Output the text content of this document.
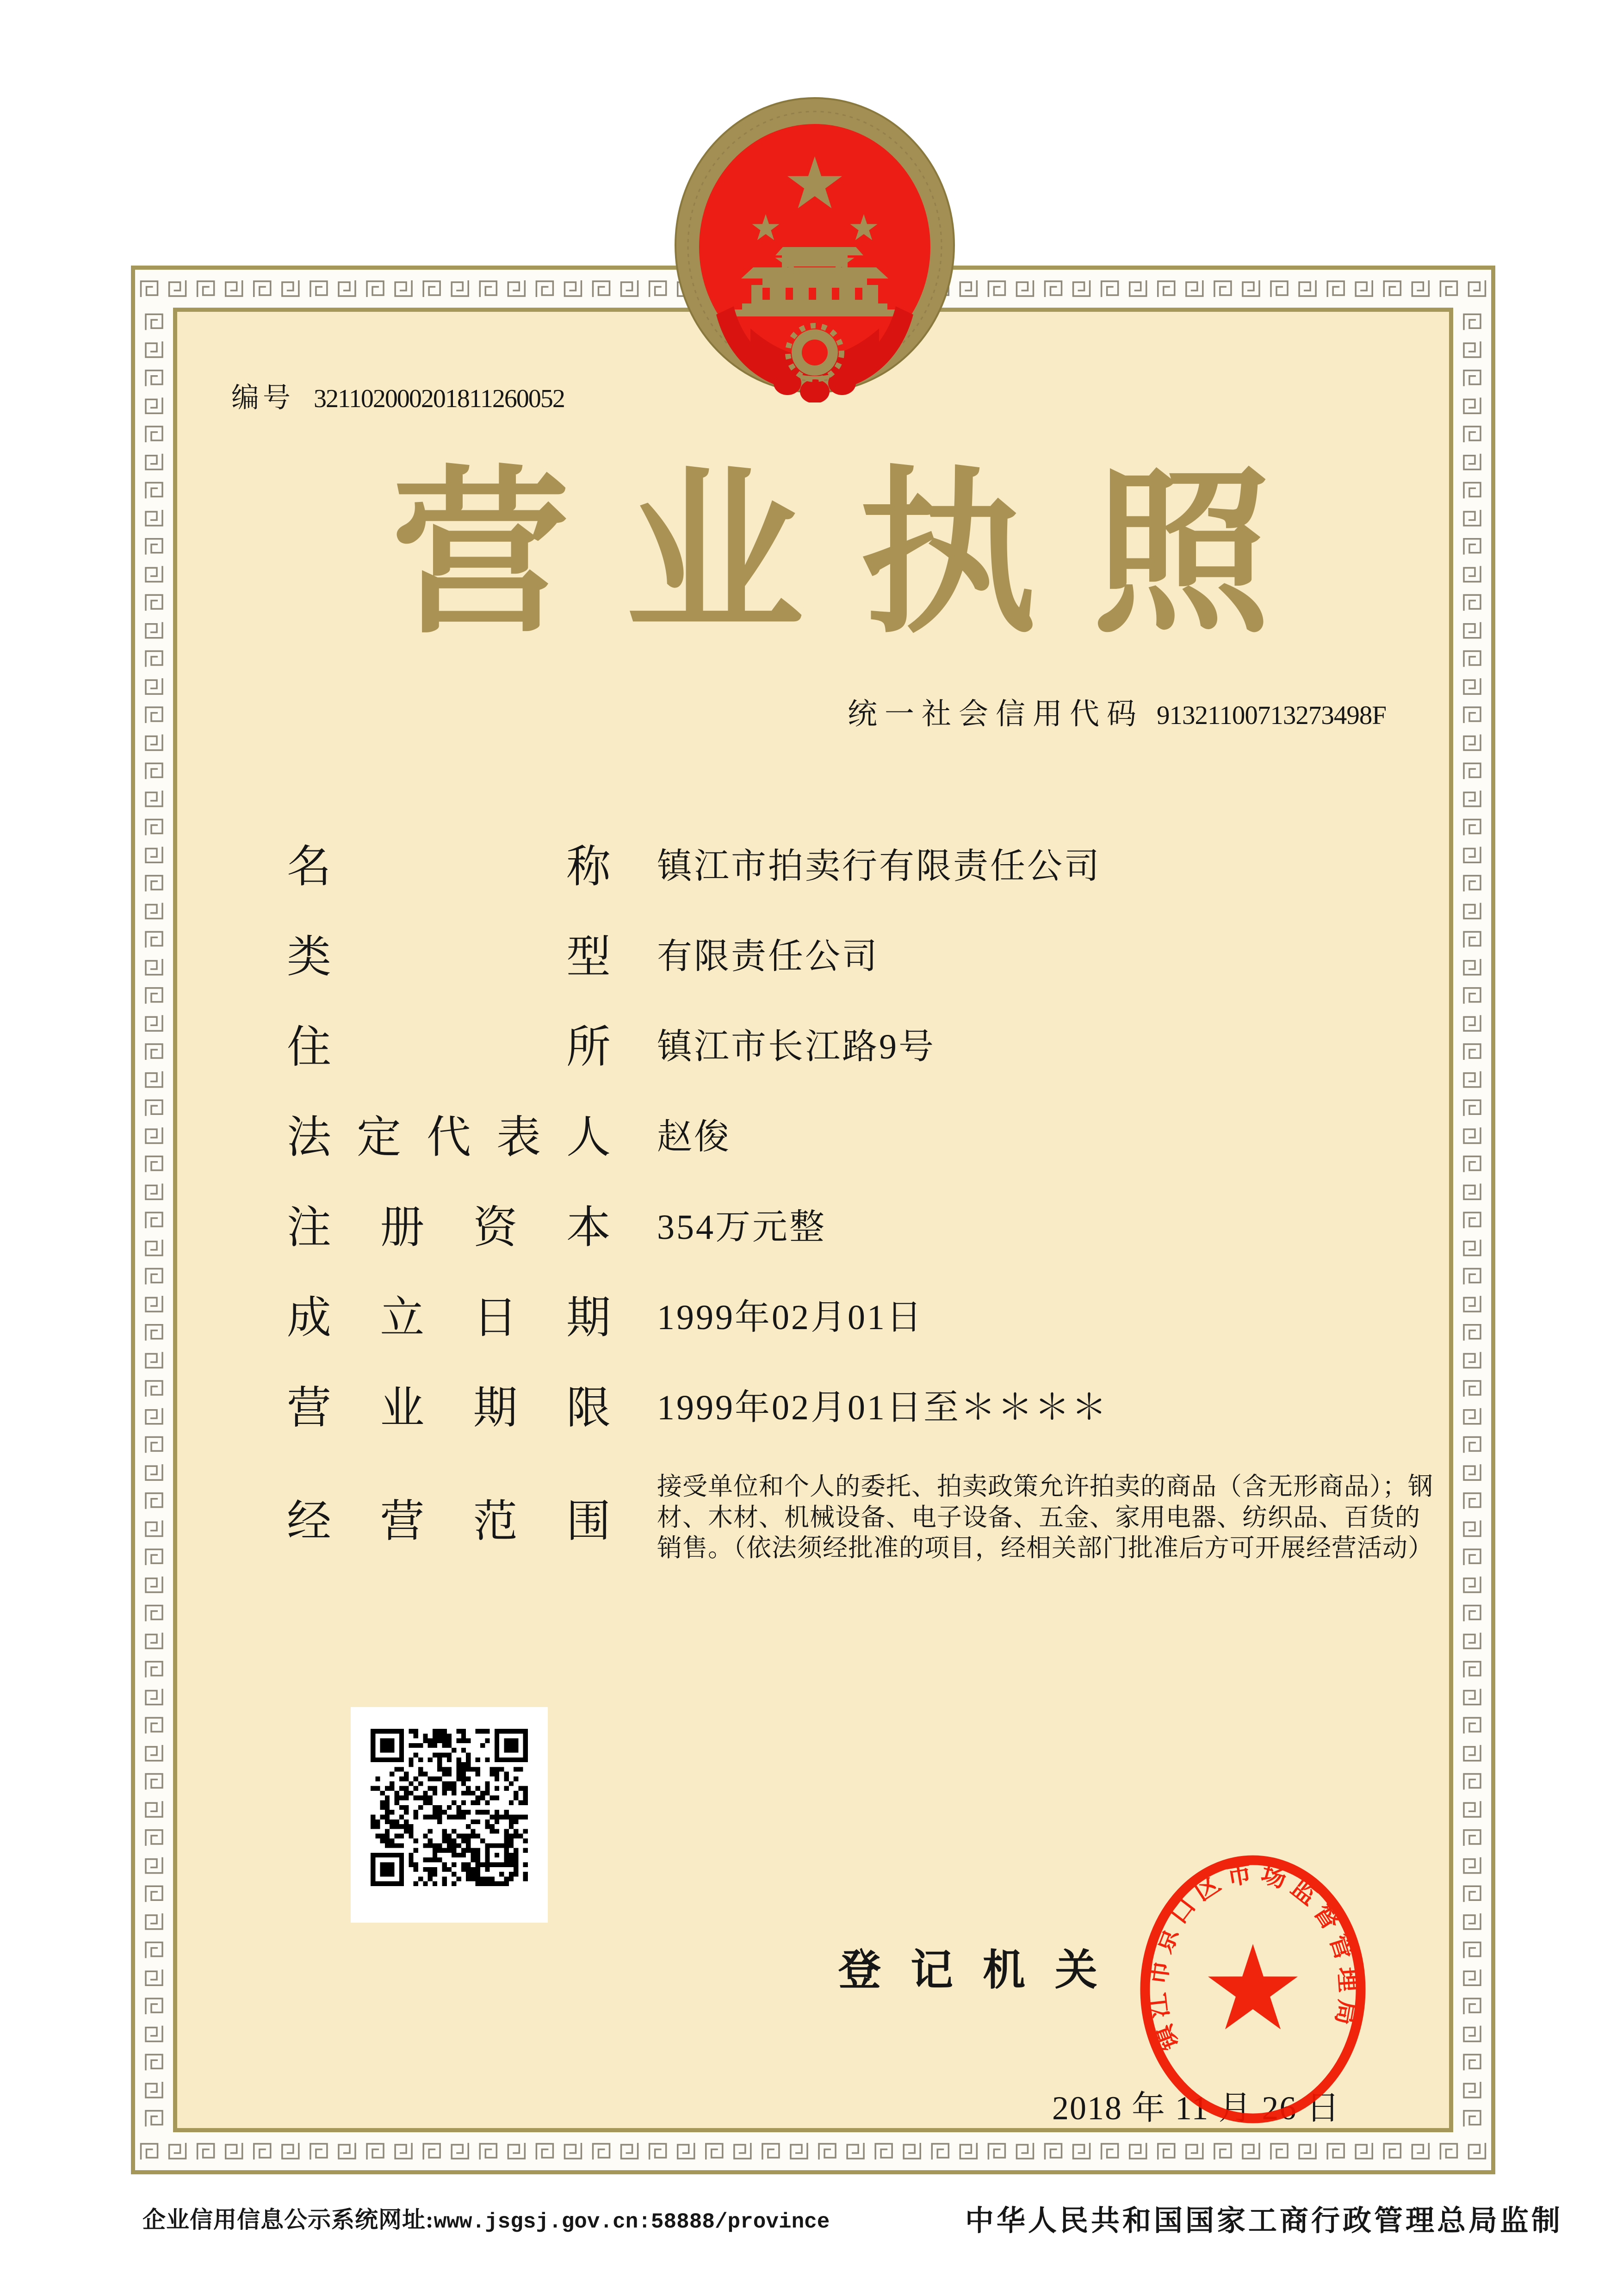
编号 321102000201811260052
营业执照
统一社会信用代码 91321100713273498F
名	称 镇江市拍卖行有限责任公司
类	型 有限责任公司
住	所 镇江市长江路9号
法 定 代 表 人 赵俊
注 册 资 本 354万元整
成 立 日 期 1999年02月01日
营 业 期 限 1999年02月01日至＊＊＊＊
经 营 范 围
接受单位和个人的委托、拍卖政策允许拍卖的商品（含无形商品）；钢材、木材、机械设备、电子设备、五金、家用电器、纺织品、百货的销售。（依法须经批准的项目，经相关部门批准后方可开展经营活动）
登 记 机 关
2018 年 11 月 26 日
镇江市京口区市场监督管理局
企业信用信息公示系统网址: www.jsgsj.gov.cn:58888/province	中华人民共和国国家工商行政管理总局监制
